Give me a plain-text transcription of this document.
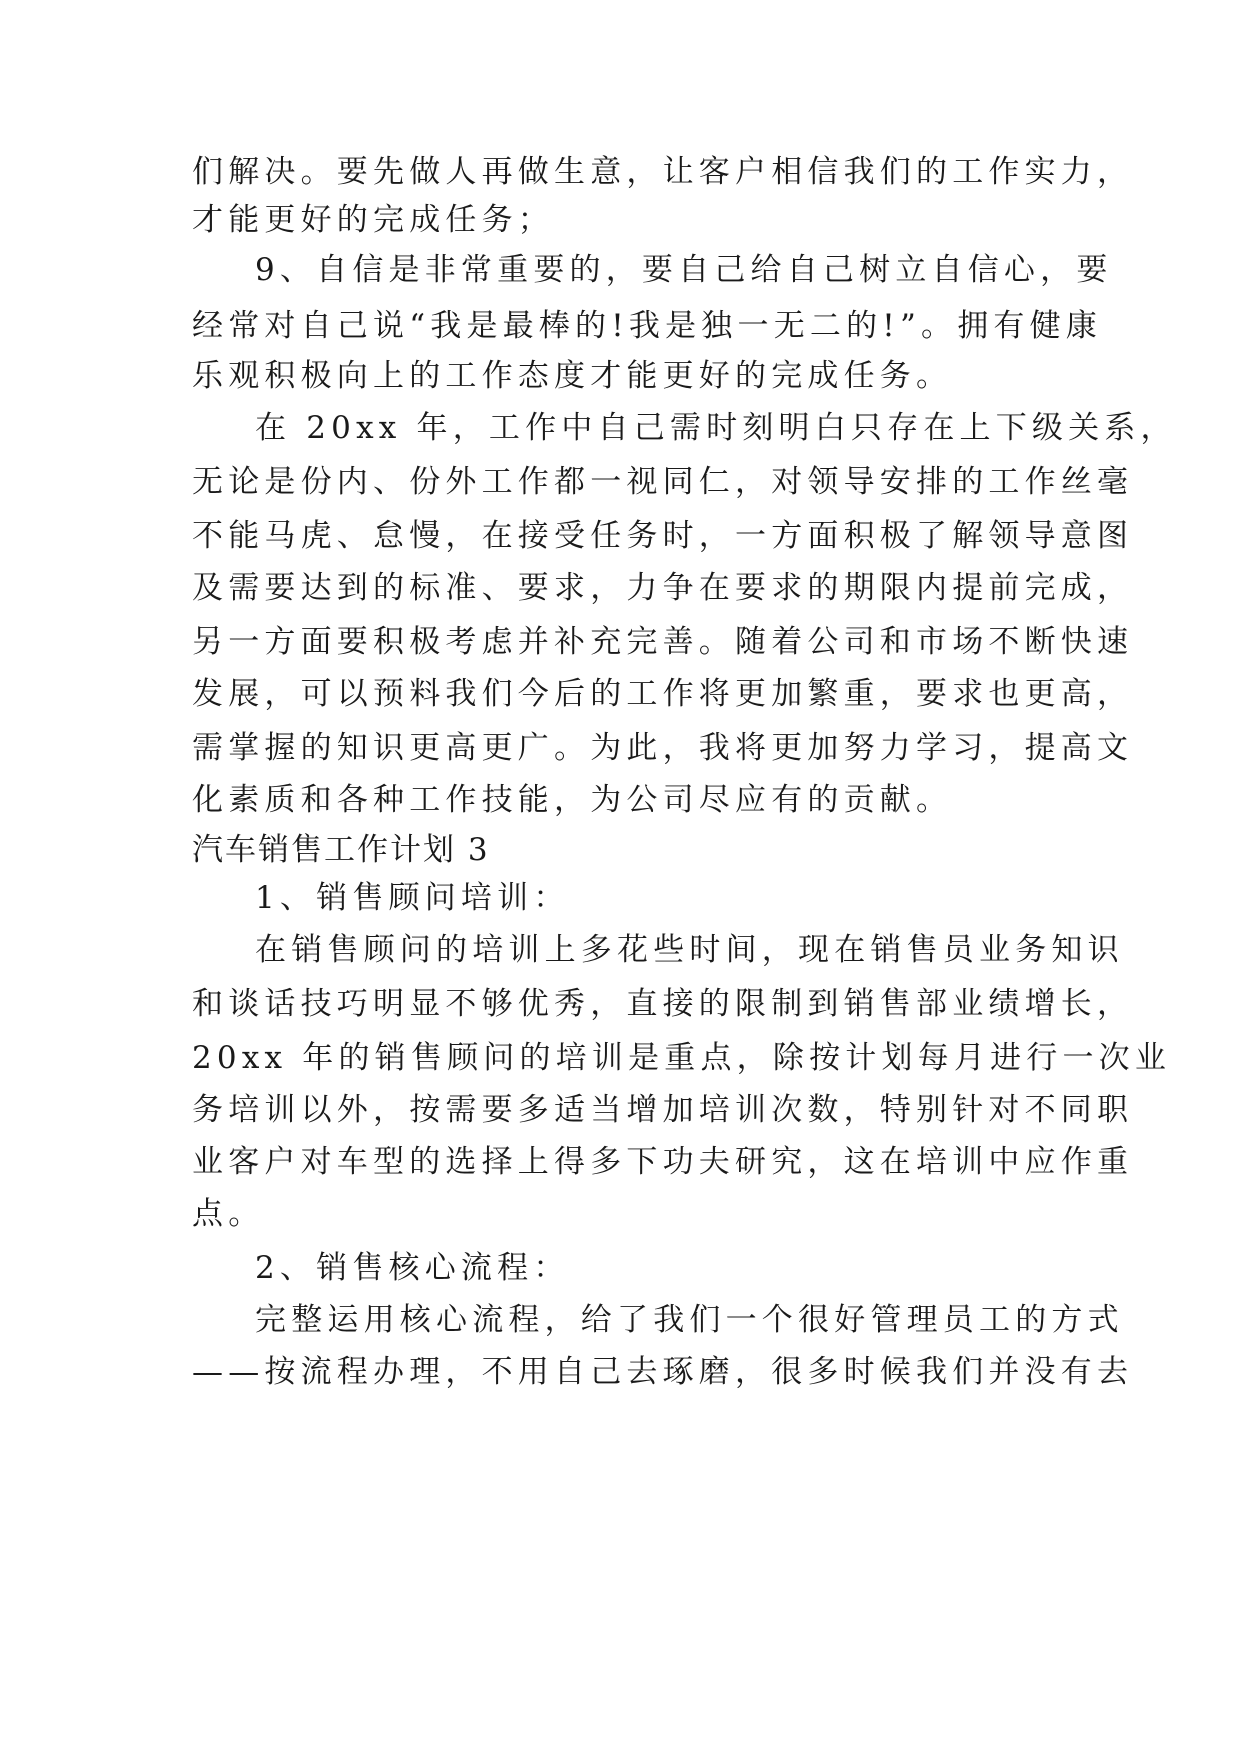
们解决。要先做人再做生意，让客户相信我们的工作实力，
才能更好的完成任务；
9、自信是非常重要的，要自己给自己树立自信心，要
经常对自己说“我是最棒的!我是独一无二的!”。拥有健康
乐观积极向上的工作态度才能更好的完成任务。
在 20xx 年，工作中自己需时刻明白只存在上下级关系，
无论是份内、份外工作都一视同仁，对领导安排的工作丝毫
不能马虎、怠慢，在接受任务时，一方面积极了解领导意图
及需要达到的标准、要求，力争在要求的期限内提前完成，
另一方面要积极考虑并补充完善。随着公司和市场不断快速
发展，可以预料我们今后的工作将更加繁重，要求也更高，
需掌握的知识更高更广。为此，我将更加努力学习，提高文
化素质和各种工作技能，为公司尽应有的贡献。
汽车销售工作计划 3
1、销售顾问培训：
在销售顾问的培训上多花些时间，现在销售员业务知识
和谈话技巧明显不够优秀，直接的限制到销售部业绩增长，
20xx 年的销售顾问的培训是重点，除按计划每月进行一次业
务培训以外，按需要多适当增加培训次数，特别针对不同职
业客户对车型的选择上得多下功夫研究，这在培训中应作重
点。
2、销售核心流程：
完整运用核心流程，给了我们一个很好管理员工的方式
——按流程办理，不用自己去琢磨，很多时候我们并没有去
